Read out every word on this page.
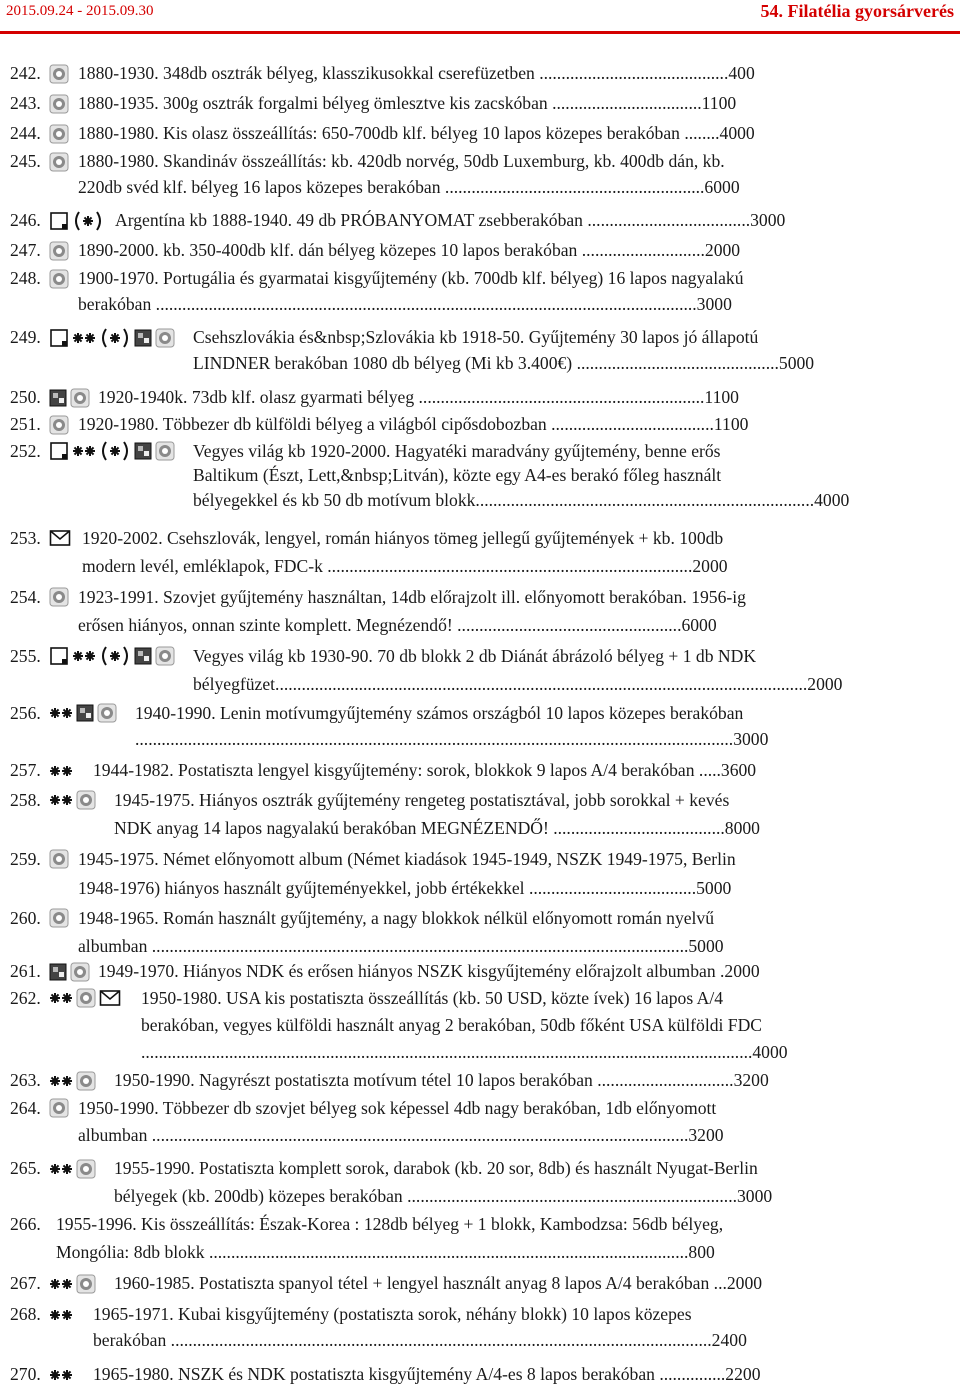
2015.09.24 - 2015.09.30	54. Filatélia gyorsárverés
242. 1880-1930. 348db osztrák bélyeg, klasszikusokkal cserefüzetben ...........................................400
243. 1880-1935. 300g osztrák forgalmi bélyeg ömlesztve kis zacskóban ..................................1100
244. 1880-1980. Kis olasz összeállítás: 650-700db klf. bélyeg 10 lapos közepes berakóban ........4000
245. 1880-1980. Skandináv összeállítás: kb. 420db norvég, 50db Luxemburg, kb. 400db dán, kb.
220db svéd klf. bélyeg 16 lapos közepes berakóban ...........................................................6000
246.	Argentína kb 1888-1940. 49 db PRÓBANYOMAT zsebberakóban .....................................3000
247. 1890-2000. kb. 350-400db klf. dán bélyeg közepes 10 lapos berakóban ............................2000
248. 1900-1970. Portugália és gyarmatai kisgyűjtemény (kb. 700db klf. bélyeg) 16 lapos nagyalakú
berakóban ...........................................................................................................................3000
249.	Csehszlovákia és&nbsp;Szlovákia kb 1918-50. Gyűjtemény 30 lapos jó állapotú
LINDNER berakóban 1080 db bélyeg (Mi kb 3.400€) ..............................................5000
250.	1920-1940k. 73db klf. olasz gyarmati bélyeg .................................................................1100
251. 1920-1980. Többezer db külföldi bélyeg a világból cipősdobozban .....................................1100
252.	Vegyes világ kb 1920-2000. Hagyatéki maradvány gyűjtemény, benne erős
Baltikum (Észt, Lett,&nbsp;Litván), közte egy A4-es berakó főleg használt
bélyegekkel és kb 50 db motívum blokk.............................................................................4000
253. 1920-2002. Csehszlovák, lengyel, román hiányos tömeg jellegű gyűjtemények + kb. 100db
modern levél, emléklapok, FDC-k ...................................................................................2000
254. 1923-1991. Szovjet gyűjtemény használtan, 14db előrajzolt ill. előnyomott berakóban. 1956-ig
erősen hiányos, onnan szinte komplett. Megnézendő! ...................................................6000
255.	Vegyes világ kb 1930-90. 70 db blokk 2 db Diánát ábrázoló bélyeg + 1 db NDK
bélyegfüzet.........................................................................................................................2000
256.	1940-1990. Lenin motívumgyűjtemény számos országból 10 lapos közepes berakóban
........................................................................................................................................3000
257.	1944-1982. Postatiszta lengyel kisgyűjtemény: sorok, blokkok 9 lapos A/4 berakóban .....3600
258.	1945-1975. Hiányos osztrák gyűjtemény rengeteg postatisztával, jobb sorokkal + kevés
NDK anyag 14 lapos nagyalakú berakóban MEGNÉZENDŐ! .......................................8000
259. 1945-1975. Német előnyomott album (Német kiadások 1945-1949, NSZK 1949-1975, Berlin
1948-1976) hiányos használt gyűjteményekkel, jobb értékekkel ......................................5000
260. 1948-1965. Román használt gyűjtemény, a nagy blokkok nélkül előnyomott román nyelvű
albumban ..........................................................................................................................5000
261.	1949-1970. Hiányos NDK és erősen hiányos NSZK kisgyűjtemény előrajzolt albumban .2000
262.	1950-1980. USA kis postatiszta összeállítás (kb. 50 USD, közte ívek) 16 lapos A/4
berakóban, vegyes külföldi használt anyag 2 berakóban, 50db főként USA külföldi FDC
...........................................................................................................................................4000
263.	1950-1990. Nagyrészt postatiszta motívum tétel 10 lapos berakóban ...............................3200
264. 1950-1990. Többezer db szovjet bélyeg sok képessel 4db nagy berakóban, 1db előnyomott
albumban ..........................................................................................................................3200
265.	1955-1990. Postatiszta komplett sorok, darabok (kb. 20 sor, 8db) és használt Nyugat-Berlin
bélyegek (kb. 200db) közepes berakóban ...........................................................................3000
266. 1955-1996. Kis összeállítás: Észak-Korea : 128db bélyeg + 1 blokk, Kambodzsa: 56db bélyeg,
Mongólia: 8db blokk .............................................................................................................800
267.	1960-1985. Postatiszta spanyol tétel + lengyel használt anyag 8 lapos A/4 berakóban ...2000
268.	1965-1971. Kubai kisgyűjtemény (postatiszta sorok, néhány blokk) 10 lapos közepes
berakóban ...........................................................................................................................2400
270.	1965-1980. NSZK és NDK postatiszta kisgyűjtemény A/4-es 8 lapos berakóban ...............2200
